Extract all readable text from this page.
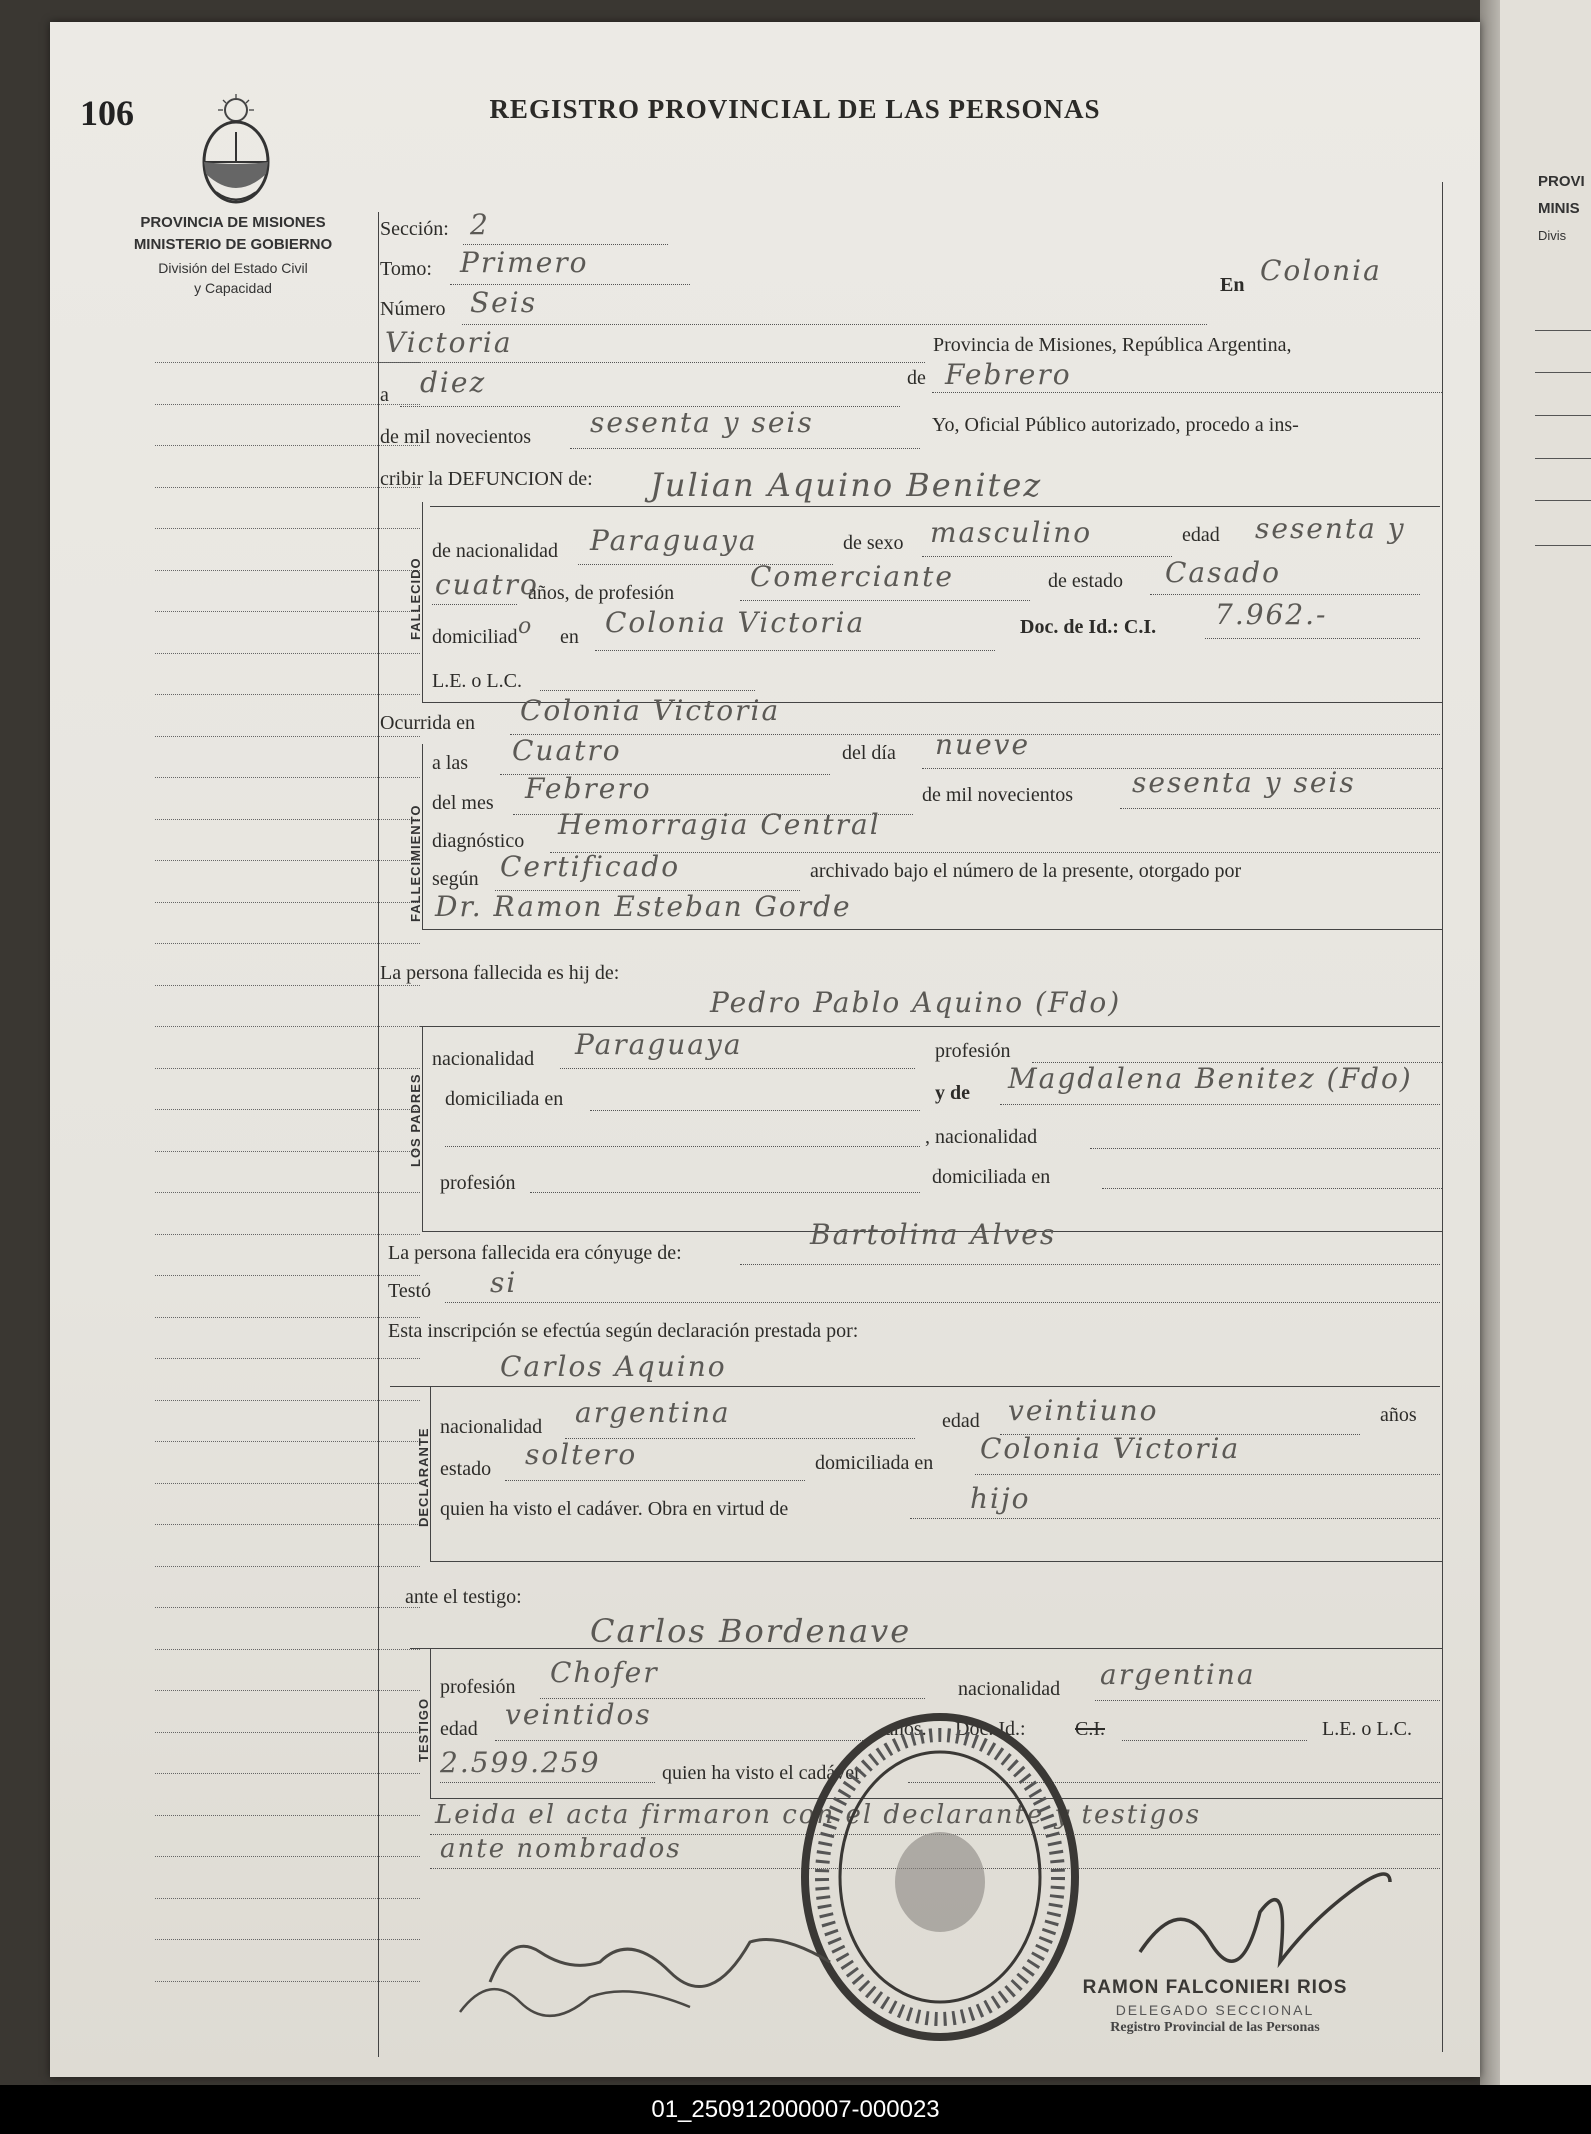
PROVI
MINIS
Divis
106	REGISTRO PROVINCIAL DE LAS PERSONAS
PROVINCIA DE MISIONES
MINISTERIO DE GOBIERNO
División del Estado Civil
y Capacidad
Sección: 2
Tomo: Primero
Número Seis
En Colonia
Victoria	Provincia de Misiones, República Argentina,
a diez	de Febrero
de mil novecientos sesenta y seis	Yo, Oficial Público autorizado, procedo a ins-
cribir la DEFUNCION de:
FALLECIDO
Julian Aquino Benitez
de nacionalidad Paraguaya	de sexo masculino	edad sesenta y
cuatro
años, de profesión	Comerciante	de estado Casado
domiciliad o en Colonia Victoria	Doc. de Id.: C.I. 7.962.-
L.E. o L.C.
Ocurrida en Colonia Victoria
FALLECIMIENTO
a las Cuatro	del día nueve
del mes Febrero	de mil novecientos sesenta y seis
diagnóstico Hemorragia Central
según Certificado	archivado bajo el número de la presente, otorgado por
Dr. Ramon Esteban Gorde
La persona fallecida es hij de:
Pedro Pablo Aquino (Fdo)
LOS PADRES
nacionalidad Paraguaya	profesión
domiciliada en	y de Magdalena Benitez (Fdo)
, nacionalidad
profesión	domiciliada en
La persona fallecida era cónyuge de:
Bartolina Alves
Testó si
Esta inscripción se efectúa según declaración prestada por:
Carlos Aquino
DECLARANTE
nacionalidad argentina	edad veintiuno	años
estado soltero	domiciliada en Colonia Victoria
quien ha visto el cadáver. Obra en virtud de	hijo
ante el testigo:
Carlos Bordenave
TESTIGO
profesión Chofer	nacionalidad argentina
edad veintidos	años. Doc. Id.: C.I.	L.E. o L.C.
2.599.259	quien ha visto el cadáver
Leida el acta firmaron con el declarante y testigos
ante nombrados
RAMON FALCONIERI RIOS
DELEGADO SECCIONAL
Registro Provincial de las Personas
01_250912000007-000023
